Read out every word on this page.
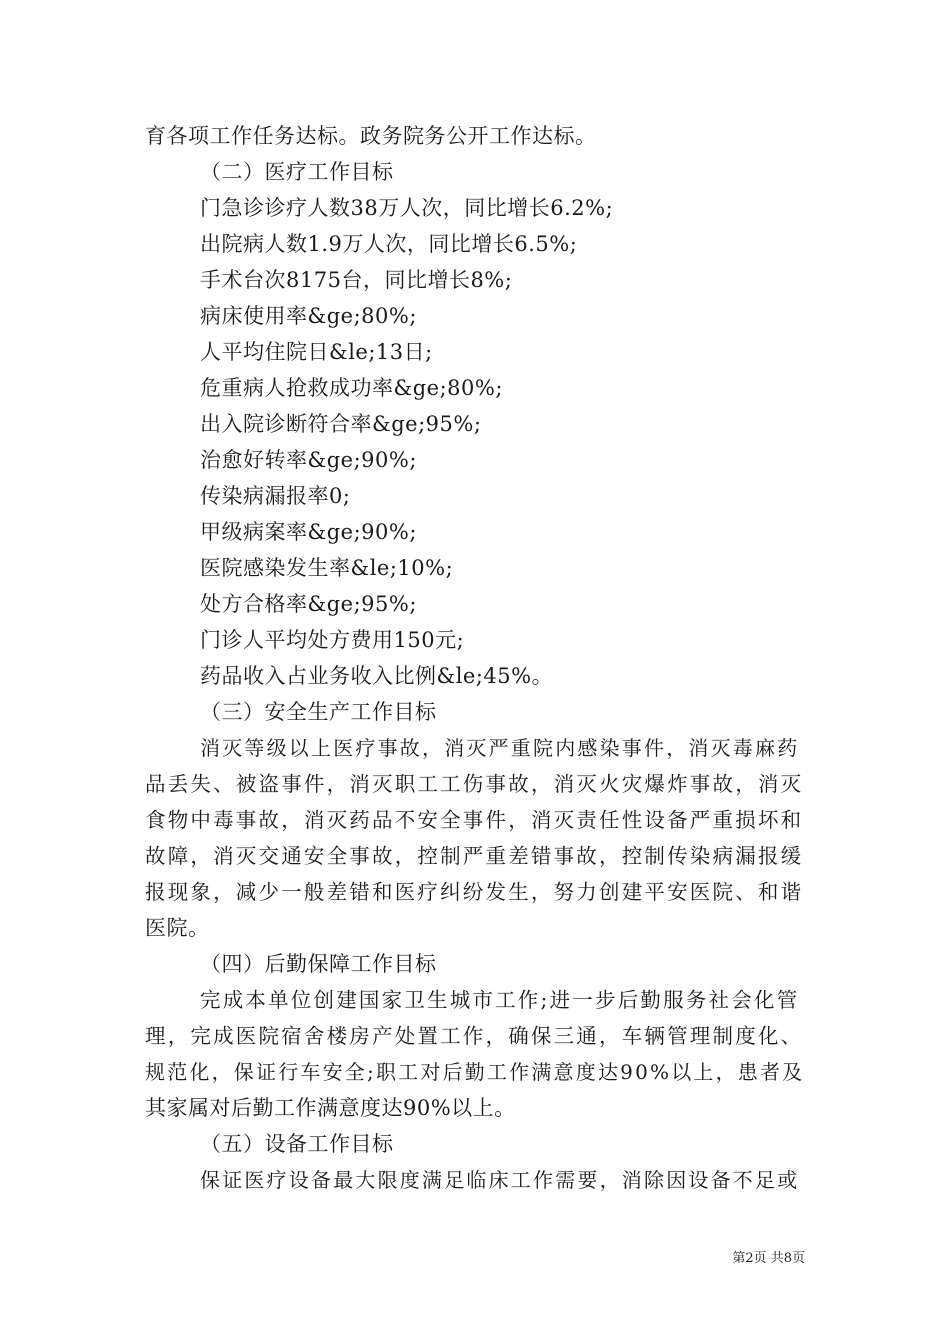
育各项工作任务达标。政务院务公开工作达标。
（二）医疗工作目标
门急诊诊疗人数38万人次，同比增长6.2%;
出院病人数1.9万人次，同比增长6.5%;
手术台次8175台，同比增长8%;
病床使用率&ge;80%;
人平均住院日&le;13日;
危重病人抢救成功率&ge;80%;
出入院诊断符合率&ge;95%;
治愈好转率&ge;90%;
传染病漏报率0;
甲级病案率&ge;90%;
医院感染发生率&le;10%;
处方合格率&ge;95%;
门诊人平均处方费用150元;
药品收入占业务收入比例&le;45%。
（三）安全生产工作目标
消灭等级以上医疗事故，消灭严重院内感染事件，消灭毒麻药
品丢失、被盗事件，消灭职工工伤事故，消灭火灾爆炸事故，消灭
食物中毒事故，消灭药品不安全事件，消灭责任性设备严重损坏和
故障，消灭交通安全事故，控制严重差错事故，控制传染病漏报缓
报现象，减少一般差错和医疗纠纷发生，努力创建平安医院、和谐
医院。
（四）后勤保障工作目标
完成本单位创建国家卫生城市工作;进一步后勤服务社会化管
理，完成医院宿舍楼房产处置工作，确保三通，车辆管理制度化、
规范化，保证行车安全;职工对后勤工作满意度达90%以上，患者及
其家属对后勤工作满意度达90%以上。
（五）设备工作目标
保证医疗设备最大限度满足临床工作需要，消除因设备不足或
第2页 共8页
